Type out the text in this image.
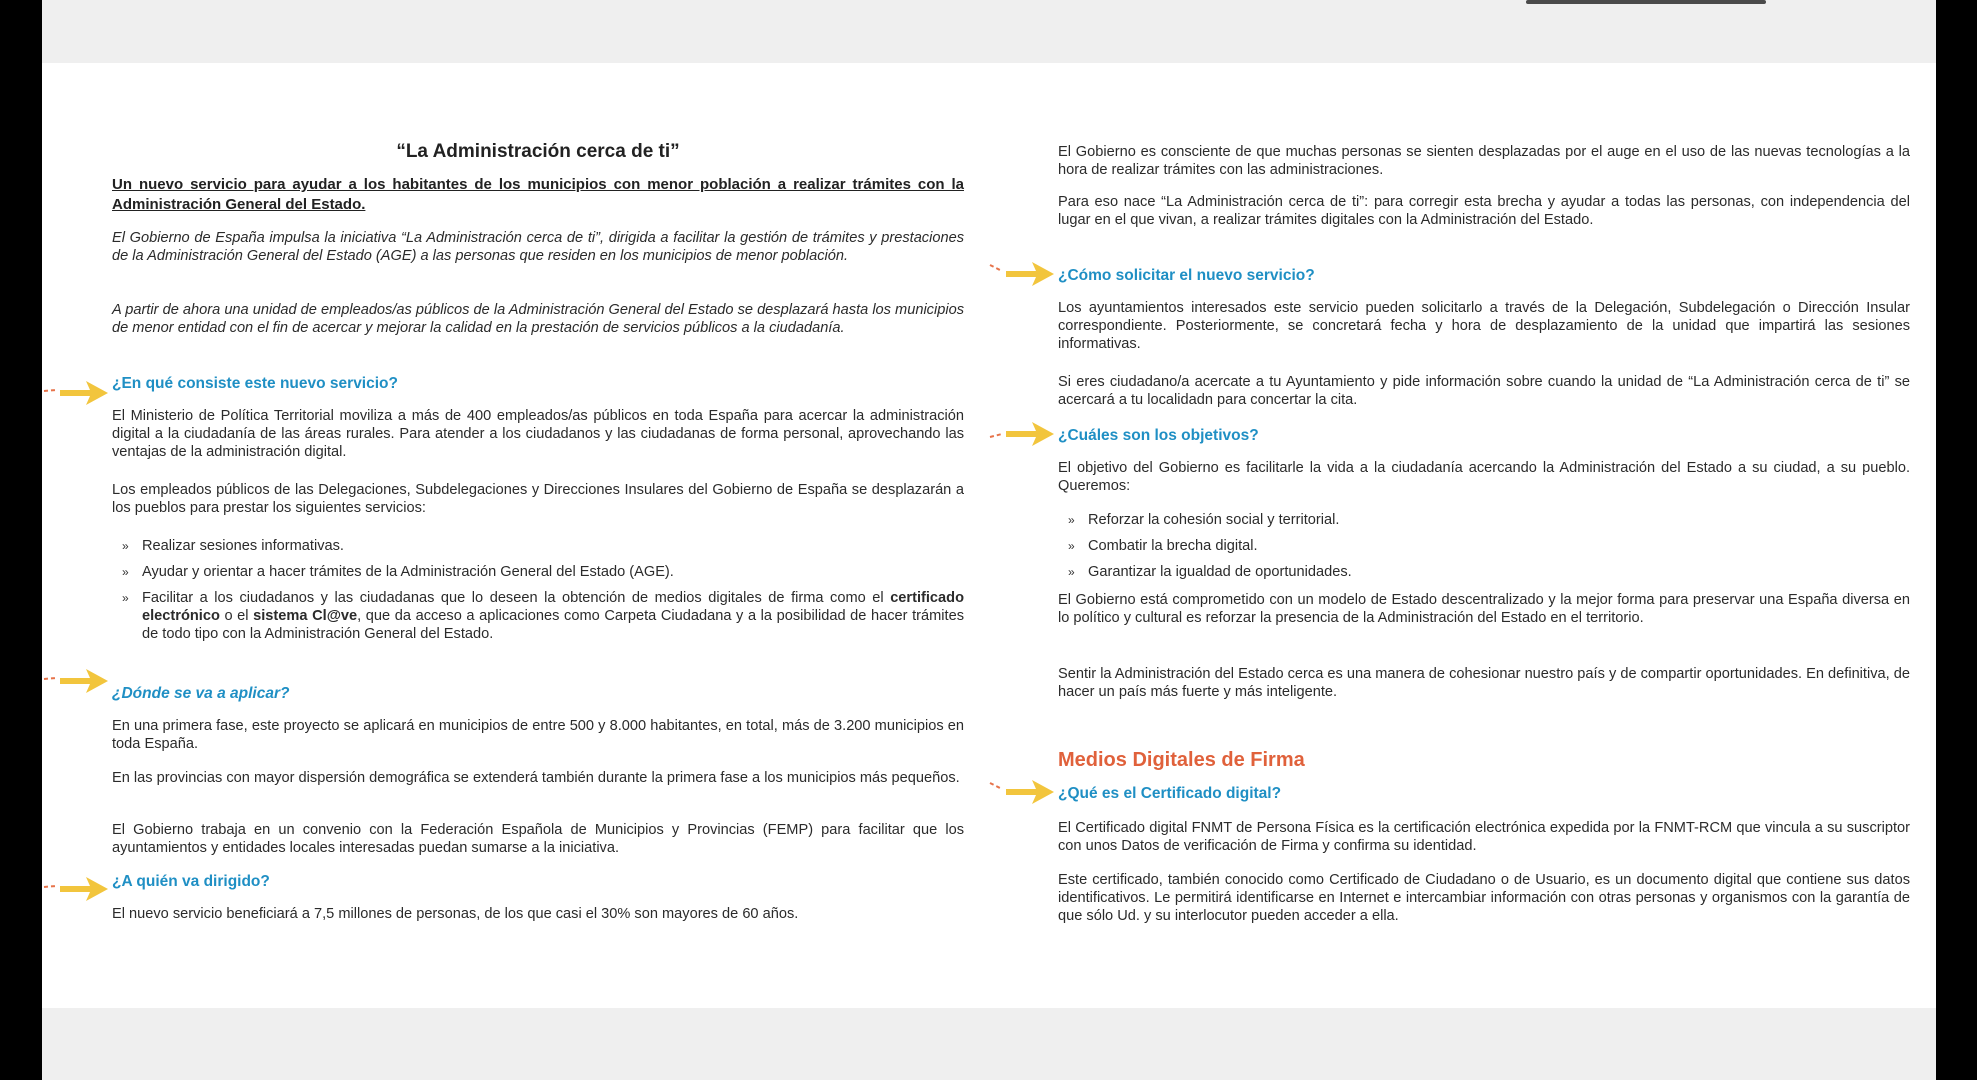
“La Administración cerca de ti”

Un nuevo servicio para ayudar a los habitantes de los municipios con menor población a realizar trámites con la Administración General del Estado.

El Gobierno de España impulsa la iniciativa “La Administración cerca de ti”, dirigida a facilitar la gestión de trámites y prestaciones de la Administración General del Estado (AGE) a las personas que residen en los municipios de menor población.

A partir de ahora una unidad de empleados/as públicos de la Administración General del Estado se desplazará hasta los municipios de menor entidad con el fin de acercar y mejorar la calidad en la prestación de servicios públicos a la ciudadanía.

¿En qué consiste este nuevo servicio?

El Ministerio de Política Territorial moviliza a más de 400 empleados/as públicos en toda España para acercar la administración digital a la ciudadanía de las áreas rurales. Para atender a los ciudadanos y las ciudadanas de forma personal, aprovechando las ventajas de la administración digital.

Los empleados públicos de las Delegaciones, Subdelegaciones y Direcciones Insulares del Gobierno de España se desplazarán a los pueblos para prestar los siguientes servicios:

» Realizar sesiones informativas.
» Ayudar y orientar a hacer trámites de la Administración General del Estado (AGE).
» Facilitar a los ciudadanos y las ciudadanas que lo deseen la obtención de medios digitales de firma como el certificado electrónico o el sistema Cl@ve, que da acceso a aplicaciones como Carpeta Ciudadana y a la posibilidad de hacer trámites de todo tipo con la Administración General del Estado.

¿Dónde se va a aplicar?

En una primera fase, este proyecto se aplicará en municipios de entre 500 y 8.000 habitantes, en total, más de 3.200 municipios en toda España.

En las provincias con mayor dispersión demográfica se extenderá también durante la primera fase a los municipios más pequeños.

El Gobierno trabaja en un convenio con la Federación Española de Municipios y Provincias (FEMP) para facilitar que los ayuntamientos y entidades locales interesadas puedan sumarse a la iniciativa.

¿A quién va dirigido?

El nuevo servicio beneficiará a 7,5 millones de personas, de los que casi el 30% son mayores de 60 años.

El Gobierno es consciente de que muchas personas se sienten desplazadas por el auge en el uso de las nuevas tecnologías a la hora de realizar trámites con las administraciones.

Para eso nace “La Administración cerca de ti”: para corregir esta brecha y ayudar a todas las personas, con independencia del lugar en el que vivan, a realizar trámites digitales con la Administración del Estado.

¿Cómo solicitar el nuevo servicio?

Los ayuntamientos interesados este servicio pueden solicitarlo a través de la Delegación, Subdelegación o Dirección Insular correspondiente. Posteriormente, se concretará fecha y hora de desplazamiento de la unidad que impartirá las sesiones informativas.

Si eres ciudadano/a acercate a tu Ayuntamiento y pide información sobre cuando la unidad de “La Administración cerca de ti” se acercará a tu localidadn para concertar la cita.

¿Cuáles son los objetivos?

El objetivo del Gobierno es facilitarle la vida a la ciudadanía acercando la Administración del Estado a su ciudad, a su pueblo. Queremos:

» Reforzar la cohesión social y territorial.
» Combatir la brecha digital.
» Garantizar la igualdad de oportunidades.

El Gobierno está comprometido con un modelo de Estado descentralizado y la mejor forma para preservar una España diversa en lo político y cultural es reforzar la presencia de la Administración del Estado en el territorio.

Sentir la Administración del Estado cerca es una manera de cohesionar nuestro país y de compartir oportunidades. En definitiva, de hacer un país más fuerte y más inteligente.

Medios Digitales de Firma

¿Qué es el Certificado digital?

El Certificado digital FNMT de Persona Física es la certificación electrónica expedida por la FNMT-RCM que vincula a su suscriptor con unos Datos de verificación de Firma y confirma su identidad.

Este certificado, también conocido como Certificado de Ciudadano o de Usuario, es un documento digital que contiene sus datos identificativos. Le permitirá identificarse en Internet e intercambiar información con otras personas y organismos con la garantía de que sólo Ud. y su interlocutor pueden acceder a ella.
